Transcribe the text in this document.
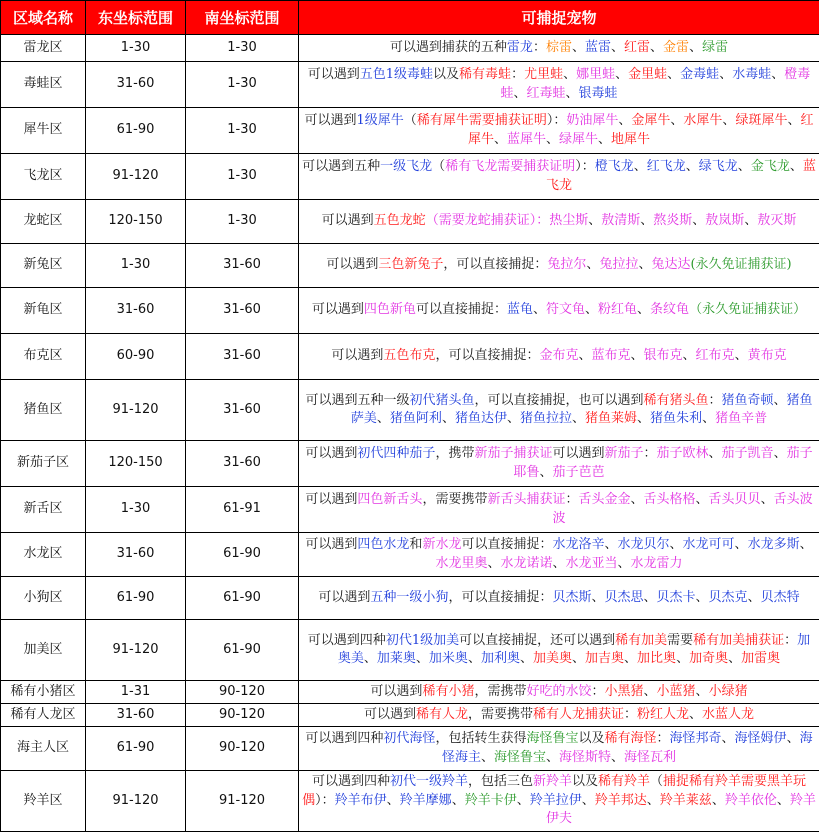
区域名称	东坐标范围	南坐标范围	可捕捉宠物
雷龙区	1-30	1-30	可以遇到捕获的五种雷龙：棕雷、蓝雷、红雷、金雷、绿雷
毒蛙区	31-60	1-30	可以遇到五色1级毒蛙以及稀有毒蛙：尤里蛙、娜里蛙、金里蛙、金毒蛙、水毒蛙、橙毒蛙、红毒蛙、银毒蛙
犀牛区	61-90	1-30	可以遇到1级犀牛（稀有犀牛需要捕获证明）：奶油犀牛、金犀牛、水犀牛、绿斑犀牛、红犀牛、蓝犀牛、绿犀牛、地犀牛
飞龙区	91-120	1-30	可以遇到五种一级飞龙（稀有飞龙需要捕获证明）：橙飞龙、红飞龙、绿飞龙、金飞龙、蓝飞龙
龙蛇区	120-150	1-30	可以遇到五色龙蛇（需要龙蛇捕获证）：热尘斯、敖清斯、熬炎斯、敖岚斯、敖灭斯
新兔区	1-30	31-60	可以遇到三色新兔子，可以直接捕捉：兔拉尔、兔拉拉、兔达达(永久免证捕获证)
新龟区	31-60	31-60	可以遇到四色新龟可以直接捕捉：蓝龟、符文龟、粉红龟、条纹龟（永久免证捕获证）
布克区	60-90	31-60	可以遇到五色布克，可以直接捕捉：金布克、蓝布克、银布克、红布克、黄布克
猪鱼区	91-120	31-60	可以遇到五种一级初代猪头鱼，可以直接捕捉，也可以遇到稀有猪头鱼：猪鱼奇顿、猪鱼萨美、猪鱼阿利、猪鱼达伊、猪鱼拉拉、猪鱼莱姆、猪鱼朱利、猪鱼辛普
新茄子区	120-150	31-60	可以遇到初代四种茄子，携带新茄子捕获证可以遇到新茄子：茄子欧林、茄子凯音、茄子耶鲁、茄子芭芭
新舌区	1-30	61-91	可以遇到四色新舌头，需要携带新舌头捕获证：舌头金金、舌头格格、舌头贝贝、舌头波波
水龙区	31-60	61-90	可以遇到四色水龙和新水龙可以直接捕捉：水龙洛辛、水龙贝尔、水龙可可、水龙多斯、水龙里奥、水龙诺诺、水龙亚当、水龙雷力
小狗区	61-90	61-90	可以遇到五种一级小狗，可以直接捕捉：贝杰斯、贝杰思、贝杰卡、贝杰克、贝杰特
加美区	91-120	61-90	可以遇到四种初代1级加美可以直接捕捉，还可以遇到稀有加美需要稀有加美捕获证：加奥美、加莱奥、加米奥、加利奥、加美奥、加吉奥、加比奥、加奇奥、加雷奥
稀有小猪区	1-31	90-120	可以遇到稀有小猪，需携带好吃的水饺：小黑猪、小蓝猪、小绿猪
稀有人龙区	31-60	90-120	可以遇到稀有人龙，需要携带稀有人龙捕获证：粉红人龙、水蓝人龙
海主人区	61-90	90-120	可以遇到四种初代海怪，包括转生获得海怪鲁宝以及稀有海怪：海怪邦奇、海怪姆伊、海怪海主、海怪鲁宝、海怪斯特、海怪瓦利
羚羊区	91-120	91-120	可以遇到四种初代一级羚羊，包括三色新羚羊以及稀有羚羊（捕捉稀有羚羊需要黑羊玩偶）：羚羊布伊、羚羊摩娜、羚羊卡伊、羚羊拉伊、羚羊邦达、羚羊莱兹、羚羊依伦、羚羊伊夫
